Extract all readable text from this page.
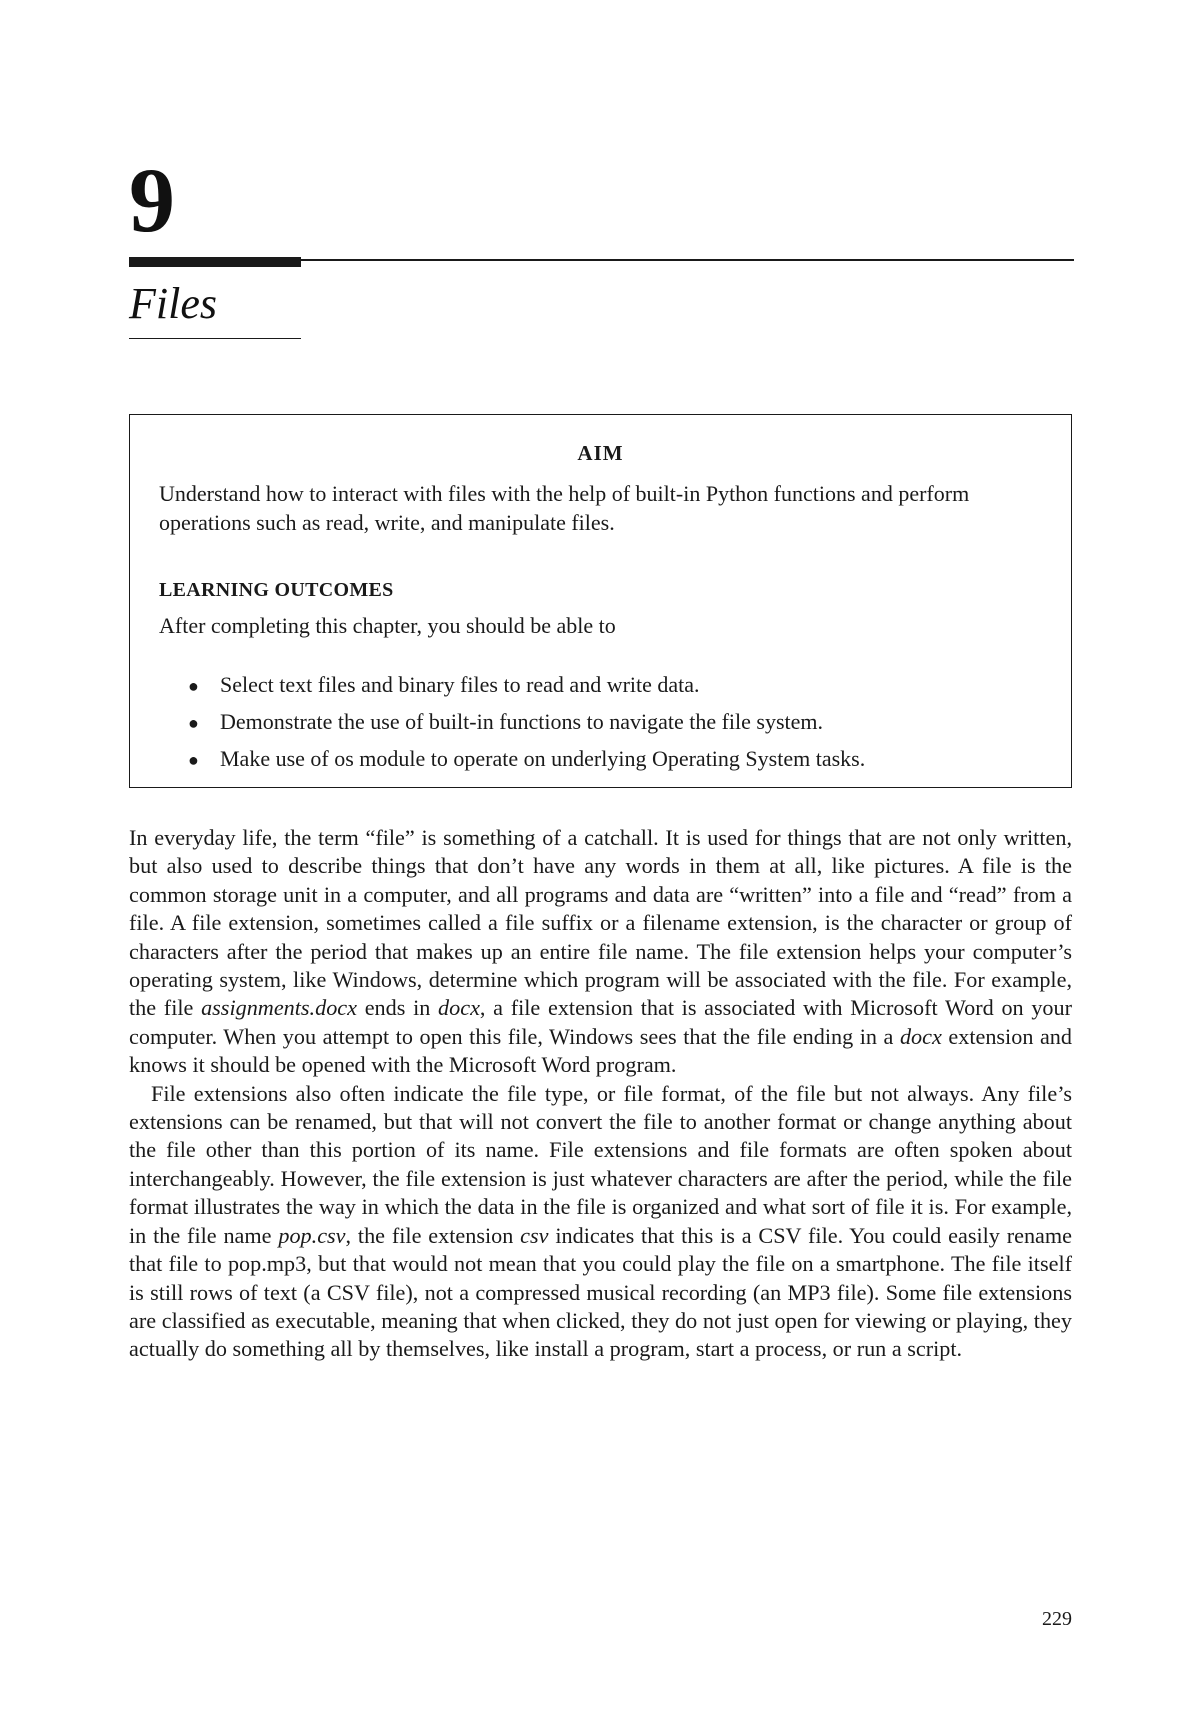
9
Files
AIM
Understand how to interact with files with the help of built-in Python functions and perform operations such as read, write, and manipulate files.
LEARNING OUTCOMES
After completing this chapter, you should be able to
● Select text files and binary files to read and write data.
● Demonstrate the use of built-in functions to navigate the file system.
● Make use of os module to operate on underlying Operating System tasks.

In everyday life, the term “file” is something of a catchall. It is used for things that are not only written, but also used to describe things that don’t have any words in them at all, like pictures. A file is the common storage unit in a computer, and all programs and data are “written” into a file and “read” from a file. A file extension, sometimes called a file suffix or a filename extension, is the character or group of characters after the period that makes up an entire file name. The file extension helps your computer’s operating system, like Windows, determine which program will be associated with the file. For example, the file assignments.docx ends in docx, a file extension that is associated with Microsoft Word on your computer. When you attempt to open this file, Windows sees that the file ending in a docx extension and knows it should be opened with the Microsoft Word program.

File extensions also often indicate the file type, or file format, of the file but not always. Any file’s extensions can be renamed, but that will not convert the file to another format or change anything about the file other than this portion of its name. File extensions and file formats are often spoken about interchangeably. However, the file extension is just whatever characters are after the period, while the file format illustrates the way in which the data in the file is organized and what sort of file it is. For example, in the file name pop.csv, the file extension csv indicates that this is a CSV file. You could easily rename that file to pop.mp3, but that would not mean that you could play the file on a smartphone. The file itself is still rows of text (a CSV file), not a compressed musical recording (an MP3 file). Some file extensions are classified as executable, meaning that when clicked, they do not just open for viewing or playing, they actually do something all by themselves, like install a program, start a process, or run a script.

229
